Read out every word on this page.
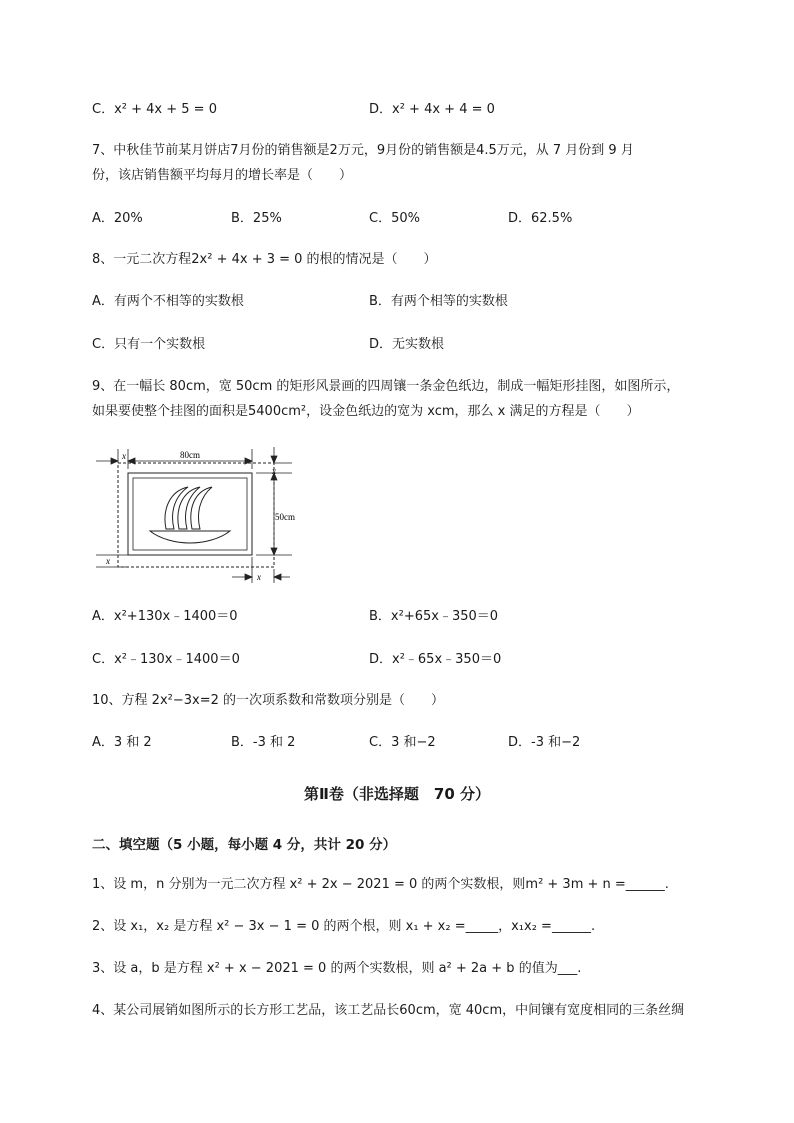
C．x² + 4x + 5 = 0	D．x² + 4x + 4 = 0
7、中秋佳节前某月饼店7月份的销售额是2万元，9月份的销售额是4.5万元，从 7 月份到 9 月
份，该店销售额平均每月的增长率是（　　）
A．20%	B．25%	C．50%	D．62.5%
8、一元二次方程2x² + 4x + 3 = 0 的根的情况是（　　）
A．有两个不相等的实数根	B．有两个相等的实数根
C．只有一个实数根	D．无实数根
9、在一幅长 80cm，宽 50cm 的矩形风景画的四周镶一条金色纸边，制成一幅矩形挂图，如图所示，
如果要使整个挂图的面积是5400cm²，设金色纸边的宽为 xcm，那么 x 满足的方程是（　　）
80cm
x
50cm
x
x
x
A．x²+130x﹣1400＝0	B．x²+65x﹣350＝0
C．x²﹣130x﹣1400＝0	D．x²﹣65x﹣350＝0
10、方程 2x²−3x=2 的一次项系数和常数项分别是（　　）
A．3 和 2	B．-3 和 2	C．3 和−2	D．-3 和−2
第Ⅱ卷（非选择题　70 分）
二、填空题（5 小题，每小题 4 分，共计 20 分）
1、设 m，n 分别为一元二次方程 x² + 2x − 2021 = 0 的两个实数根，则m² + 3m + n =______.
2、设 x₁，x₂ 是方程 x² − 3x − 1 = 0 的两个根，则 x₁ + x₂ =_____，x₁x₂ =______.
3、设 a，b 是方程 x² + x − 2021 = 0 的两个实数根，则 a² + 2a + b 的值为___.
4、某公司展销如图所示的长方形工艺品，该工艺品长60cm，宽 40cm，中间镶有宽度相同的三条丝绸
